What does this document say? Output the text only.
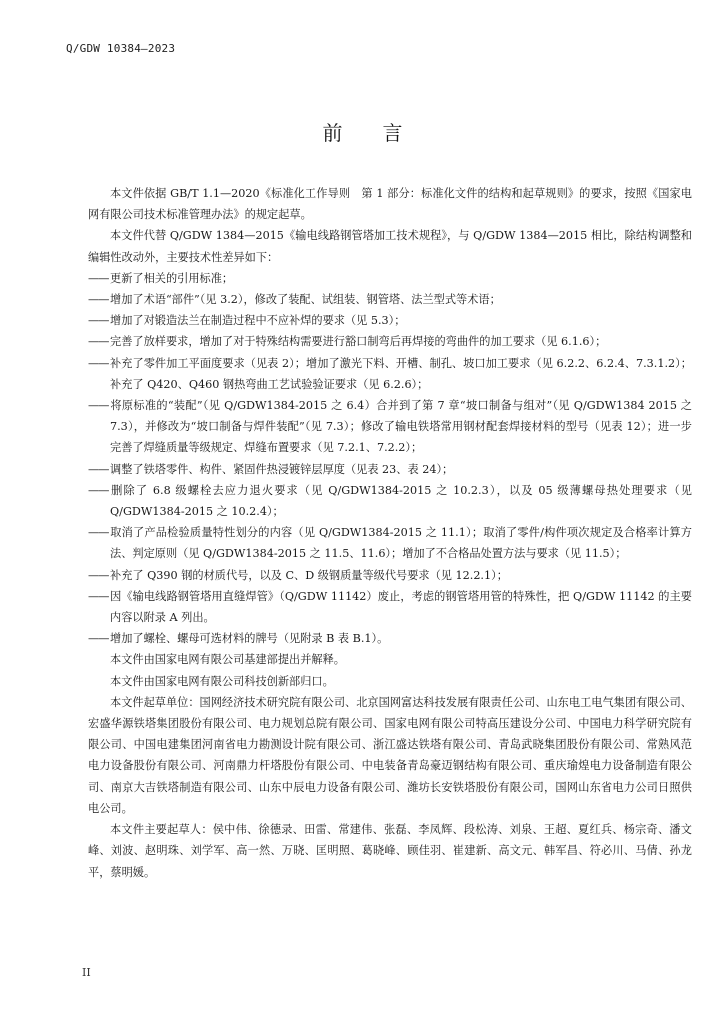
Q/GDW 10384—2023
前言

本文件依据 GB/T 1.1—2020《标准化工作导则　第 1 部分：标准化文件的结构和起草规则》的要求，按照《国家电网有限公司技术标准管理办法》的规定起草。

本文件代替 Q/GDW 1384—2015《输电线路钢管塔加工技术规程》，与 Q/GDW 1384—2015 相比，除结构调整和编辑性改动外，主要技术性差异如下：

—— 更新了相关的引用标准；

—— 增加了术语“部件”（见 3.2），修改了装配、试组装、钢管塔、法兰型式等术语；

—— 增加了对锻造法兰在制造过程中不应补焊的要求（见 5.3）；

—— 完善了放样要求，增加了对于特殊结构需要进行豁口制弯后再焊接的弯曲件的加工要求（见 6.1.6）；

—— 补充了零件加工平面度要求（见表 2）；增加了激光下料、开槽、制孔、坡口加工要求（见 6.2.2、6.2.4、7.3.1.2）；补充了 Q420、Q460 钢热弯曲工艺试验验证要求（见 6.2.6）；

—— 将原标准的“装配”（见 Q/GDW1384-2015 之 6.4）合并到了第 7 章“坡口制备与组对”（见 Q/GDW1384 2015 之 7.3），并修改为“坡口制备与焊件装配”（见 7.3）；修改了输电铁塔常用钢材配套焊接材料的型号（见表 12）；进一步完善了焊缝质量等级规定、焊缝布置要求（见 7.2.1、7.2.2）；

—— 调整了铁塔零件、构件、紧固件热浸镀锌层厚度（见表 23、表 24）；

—— 删除了 6.8 级螺栓去应力退火要求（见 Q/GDW1384-2015 之 10.2.3），以及 05 级薄螺母热处理要求（见 Q/GDW1384-2015 之 10.2.4）；

—— 取消了产品检验质量特性划分的内容（见 Q/GDW1384-2015 之 11.1）；取消了零件/构件项次规定及合格率计算方法、判定原则（见 Q/GDW1384-2015 之 11.5、11.6）；增加了不合格品处置方法与要求（见 11.5）；

—— 补充了 Q390 钢的材质代号，以及 C、D 级钢质量等级代号要求（见 12.2.1）；

—— 因《输电线路钢管塔用直缝焊管》（Q/GDW 11142）废止，考虑的钢管塔用管的特殊性，把 Q/GDW 11142 的主要内容以附录 A 列出。

—— 增加了螺栓、螺母可选材料的牌号（见附录 B 表 B.1）。

本文件由国家电网有限公司基建部提出并解释。

本文件由国家电网有限公司科技创新部归口。

本文件起草单位：国网经济技术研究院有限公司、北京国网富达科技发展有限责任公司、山东电工电气集团有限公司、宏盛华源铁塔集团股份有限公司、电力规划总院有限公司、国家电网有限公司特高压建设分公司、中国电力科学研究院有限公司、中国电建集团河南省电力勘测设计院有限公司、浙江盛达铁塔有限公司、青岛武晓集团股份有限公司、常熟风范电力设备股份有限公司、河南鼎力杆塔股份有限公司、中电装备青岛豪迈钢结构有限公司、重庆瑜煌电力设备制造有限公司、南京大吉铁塔制造有限公司、山东中辰电力设备有限公司、潍坊长安铁塔股份有限公司，国网山东省电力公司日照供电公司。

本文件主要起草人：侯中伟、徐德录、田雷、常建伟、张磊、李凤辉、段松涛、刘泉、王超、夏红兵、杨宗奇、潘文峰、刘波、赵明珠、刘学军、高一然、万晓、匡明照、葛晓峰、顾佳羽、崔建新、高文元、韩军昌、符必川、马倩、孙龙平，蔡明媛。

II
